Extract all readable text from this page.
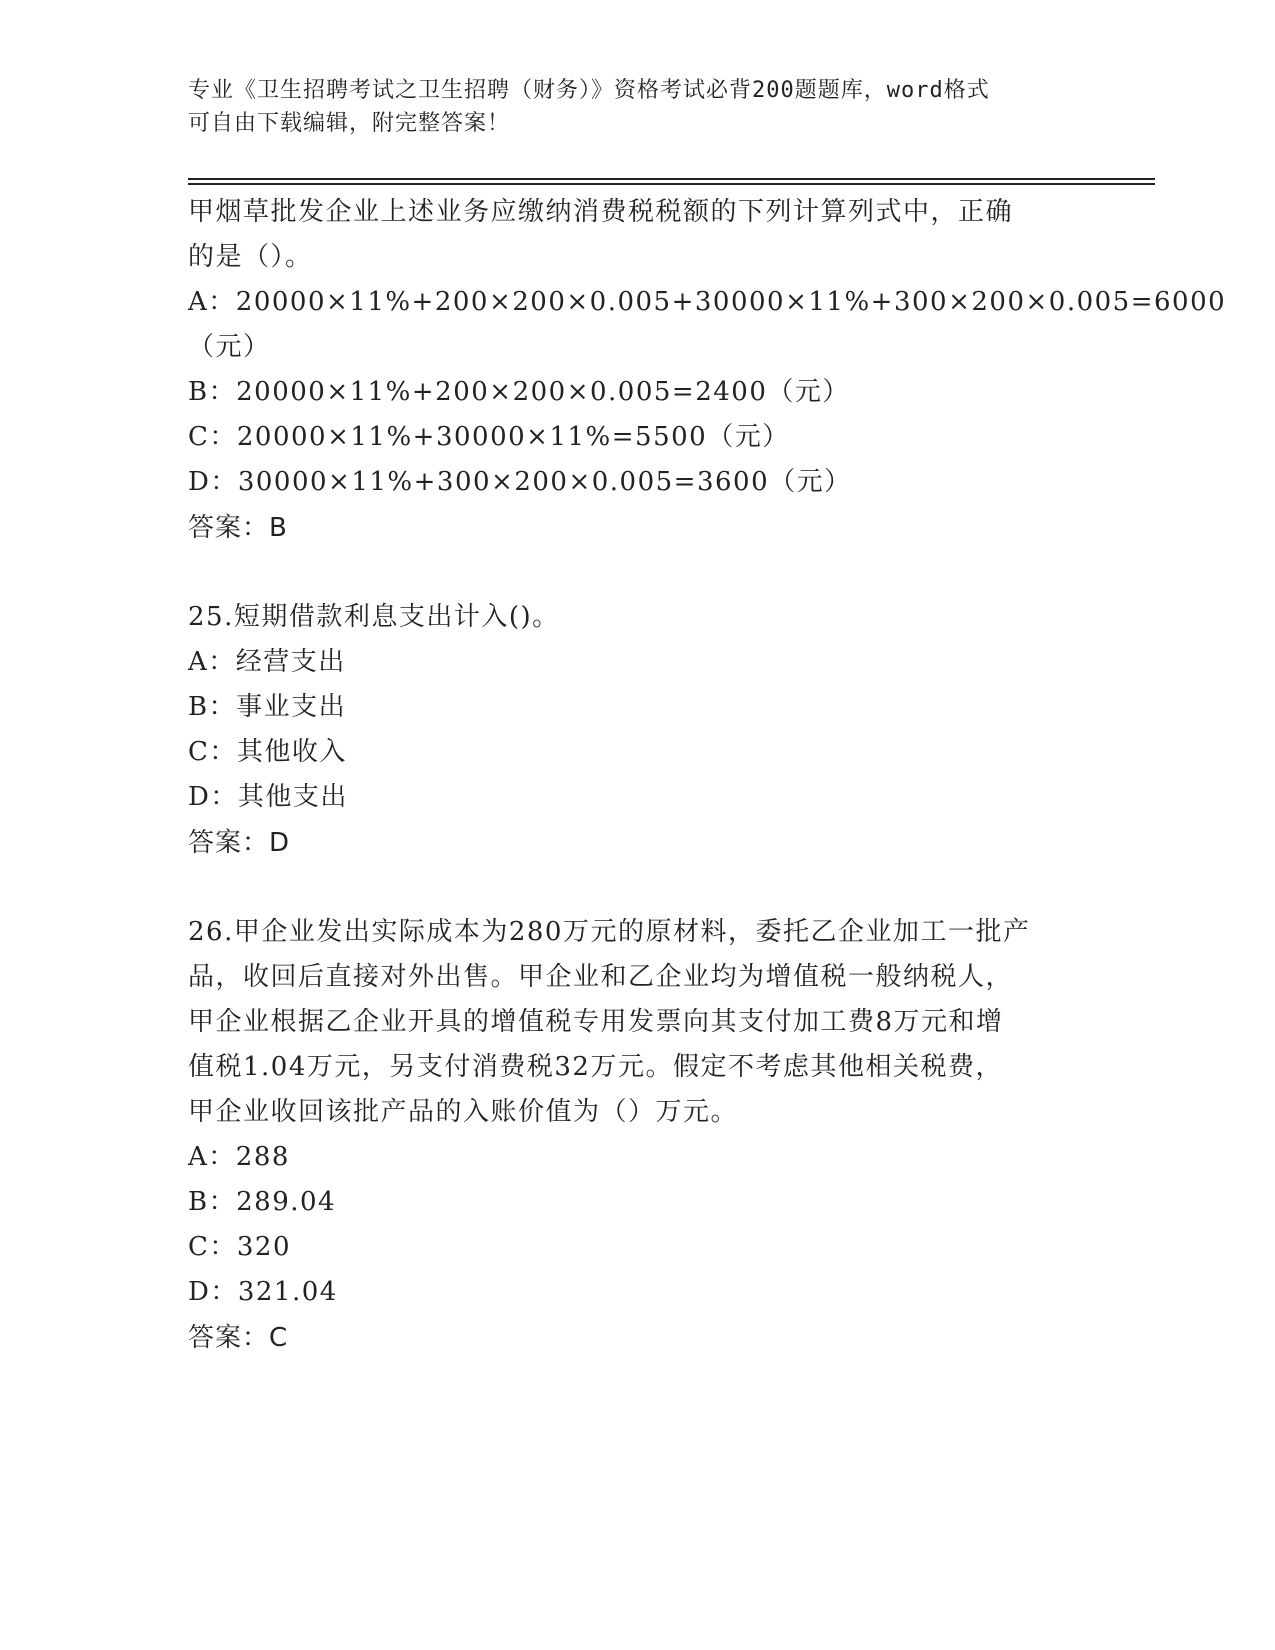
专业《卫生招聘考试之卫生招聘（财务）》资格考试必背200题题库，word格式
可自由下载编辑，附完整答案！
甲烟草批发企业上述业务应缴纳消费税税额的下列计算列式中，正确
的是（）。
A：20000×11%+200×200×0.005+30000×11%+300×200×0.005=6000
（元）
B：20000×11%+200×200×0.005=2400（元）
C：20000×11%+30000×11%=5500（元）
D：30000×11%+300×200×0.005=3600（元）
答案：B
25.短期借款利息支出计入()。
A：经营支出
B：事业支出
C：其他收入
D：其他支出
答案：D
26.甲企业发出实际成本为280万元的原材料，委托乙企业加工一批产
品，收回后直接对外出售。甲企业和乙企业均为增值税一般纳税人，
甲企业根据乙企业开具的增值税专用发票向其支付加工费8万元和增
值税1.04万元，另支付消费税32万元。假定不考虑其他相关税费，
甲企业收回该批产品的入账价值为（）万元。
A：288
B：289.04
C：320
D：321.04
答案：C
